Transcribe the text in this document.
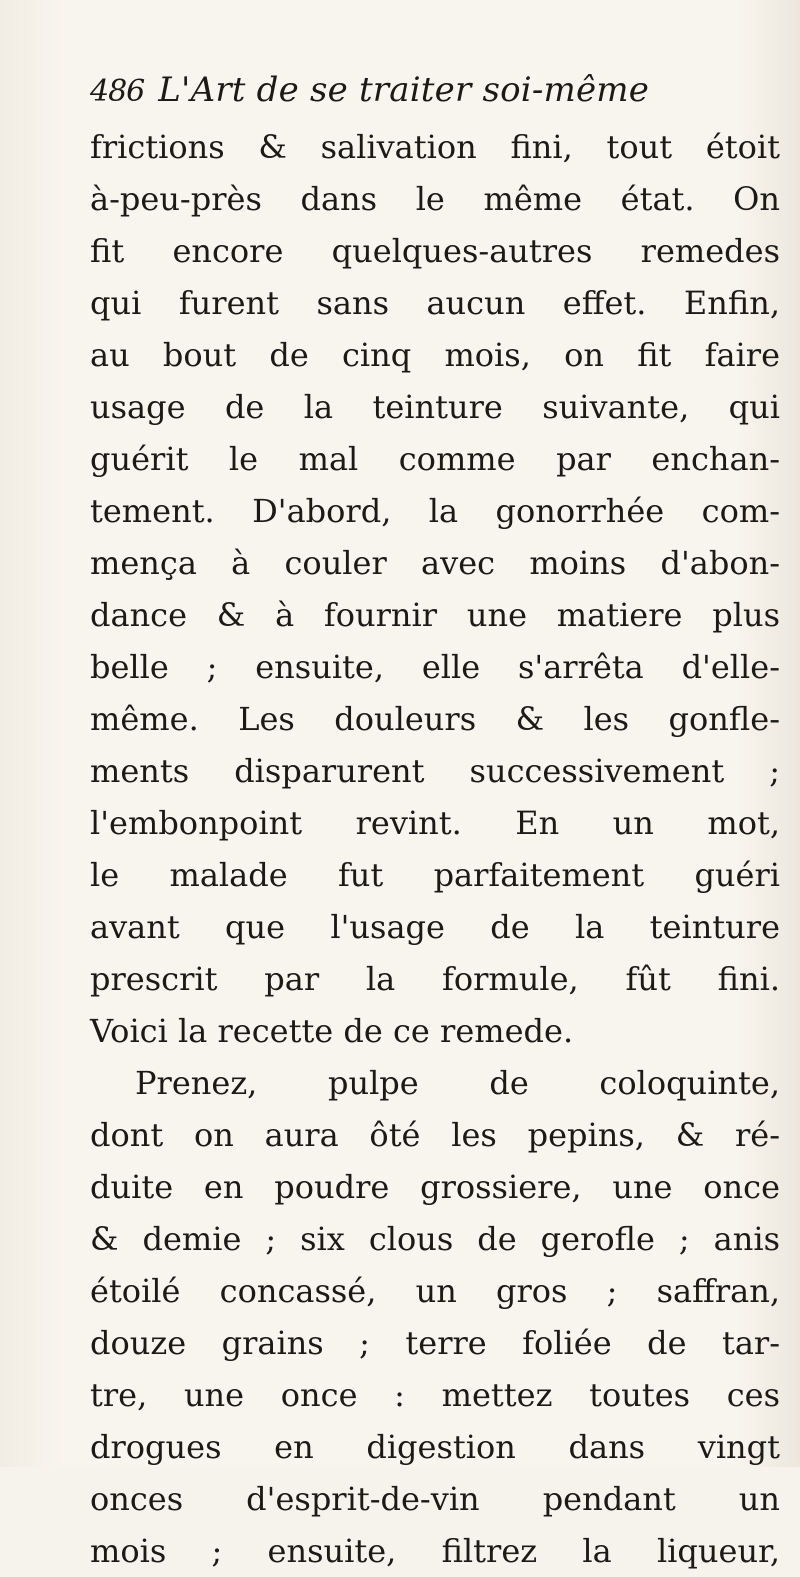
486 L'Art de se traiter soi-même
frictions & salivation fini, tout étoit
à-peu-près dans le même état. On
fit encore quelques-autres remedes
qui furent sans aucun effet. Enfin,
au bout de cinq mois, on fit faire
usage de la teinture suivante, qui
guérit le mal comme par enchan-
tement. D'abord, la gonorrhée com-
mença à couler avec moins d'abon-
dance & à fournir une matiere plus
belle ; ensuite, elle s'arrêta d'elle-
même. Les douleurs & les gonfle-
ments disparurent successivement ;
l'embonpoint revint. En un mot,
le malade fut parfaitement guéri
avant que l'usage de la teinture
prescrit par la formule, fût fini.
Voici la recette de ce remede.
Prenez, pulpe de coloquinte,
dont on aura ôté les pepins, & ré-
duite en poudre grossiere, une once
& demie ; six clous de gerofle ; anis
étoilé concassé, un gros ; saffran,
douze grains ; terre foliée de tar-
tre, une once : mettez toutes ces
drogues en digestion dans vingt
onces d'esprit-de-vin pendant un
mois ; ensuite, filtrez la liqueur,
